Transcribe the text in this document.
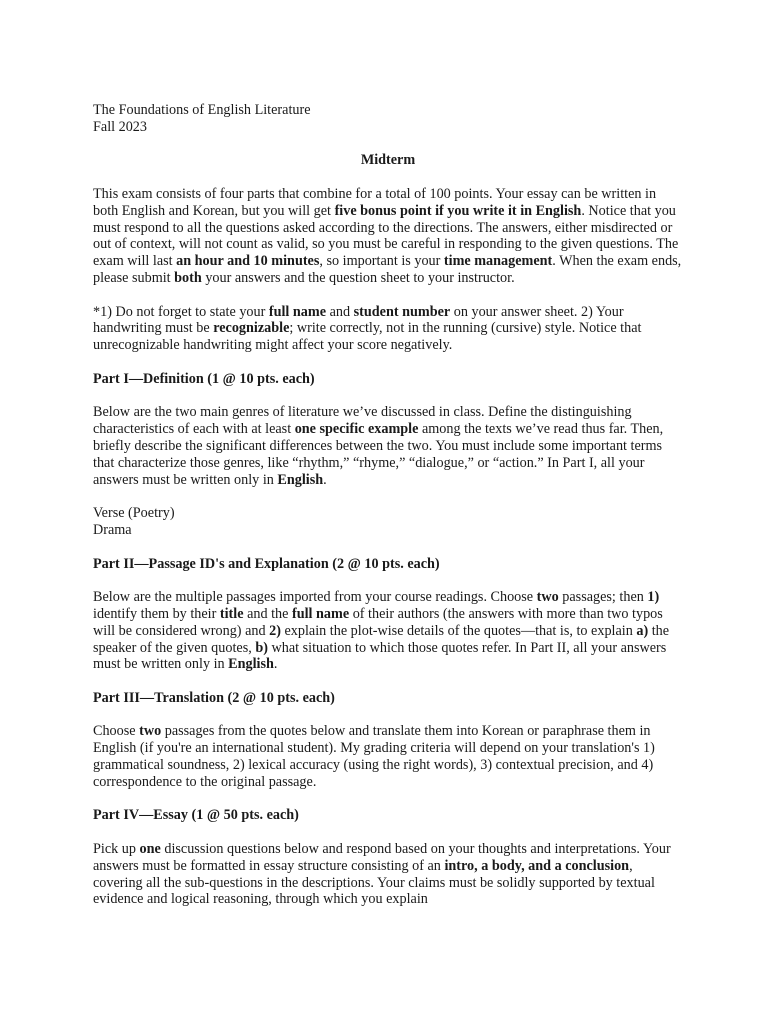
The Foundations of English Literature
Fall 2023

Midterm

This exam consists of four parts that combine for a total of 100 points. Your essay can be written in both English and Korean, but you will get five bonus point if you write it in English. Notice that you must respond to all the questions asked according to the directions. The answers, either misdirected or out of context, will not count as valid, so you must be careful in responding to the given questions. The exam will last an hour and 10 minutes, so important is your time management. When the exam ends, please submit both your answers and the question sheet to your instructor.

*1) Do not forget to state your full name and student number on your answer sheet. 2) Your handwriting must be recognizable; write correctly, not in the running (cursive) style. Notice that unrecognizable handwriting might affect your score negatively.

Part I—Definition (1 @ 10 pts. each)

Below are the two main genres of literature we’ve discussed in class. Define the distinguishing characteristics of each with at least one specific example among the texts we’ve read thus far. Then, briefly describe the significant differences between the two. You must include some important terms that characterize those genres, like “rhythm,” “rhyme,” “dialogue,” or “action.” In Part I, all your answers must be written only in English.

Verse (Poetry)
Drama

Part II—Passage ID's and Explanation (2 @ 10 pts. each)

Below are the multiple passages imported from your course readings. Choose two passages; then 1) identify them by their title and the full name of their authors (the answers with more than two typos will be considered wrong) and 2) explain the plot-wise details of the quotes—that is, to explain a) the speaker of the given quotes, b) what situation to which those quotes refer. In Part II, all your answers must be written only in English.

Part III—Translation (2 @ 10 pts. each)

Choose two passages from the quotes below and translate them into Korean or paraphrase them in English (if you're an international student). My grading criteria will depend on your translation's 1) grammatical soundness, 2) lexical accuracy (using the right words), 3) contextual precision, and 4) correspondence to the original passage.

Part IV—Essay (1 @ 50 pts. each)

Pick up one discussion questions below and respond based on your thoughts and interpretations. Your answers must be formatted in essay structure consisting of an intro, a body, and a conclusion, covering all the sub-questions in the descriptions. Your claims must be solidly supported by textual evidence and logical reasoning, through which you explain
